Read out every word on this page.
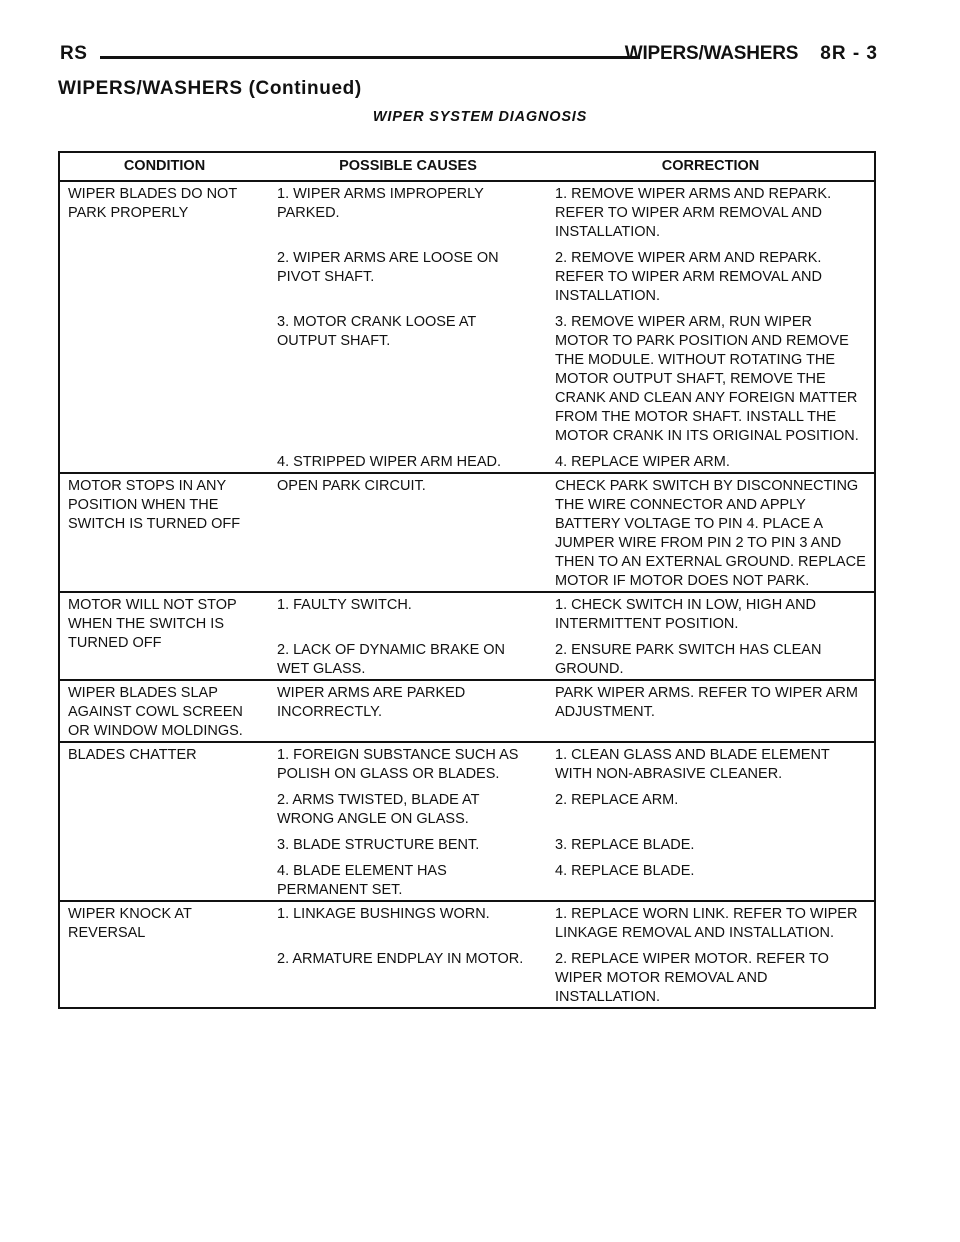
RS	WIPERS/WASHERS 8R - 3
WIPERS/WASHERS (Continued)
WIPER SYSTEM DIAGNOSIS
CONDITION	POSSIBLE CAUSES	CORRECTION
WIPER BLADES DO NOT PARK PROPERLY	1. WIPER ARMS IMPROPERLY PARKED.	1. REMOVE WIPER ARMS AND REPARK. REFER TO WIPER ARM REMOVAL AND INSTALLATION.
	2. WIPER ARMS ARE LOOSE ON PIVOT SHAFT.	2. REMOVE WIPER ARM AND REPARK. REFER TO WIPER ARM REMOVAL AND INSTALLATION.
	3. MOTOR CRANK LOOSE AT OUTPUT SHAFT.	3. REMOVE WIPER ARM, RUN WIPER MOTOR TO PARK POSITION AND REMOVE THE MODULE. WITHOUT ROTATING THE MOTOR OUTPUT SHAFT, REMOVE THE CRANK AND CLEAN ANY FOREIGN MATTER FROM THE MOTOR SHAFT. INSTALL THE MOTOR CRANK IN ITS ORIGINAL POSITION.
	4. STRIPPED WIPER ARM HEAD.	4. REPLACE WIPER ARM.
MOTOR STOPS IN ANY POSITION WHEN THE SWITCH IS TURNED OFF	OPEN PARK CIRCUIT.	CHECK PARK SWITCH BY DISCONNECTING THE WIRE CONNECTOR AND APPLY BATTERY VOLTAGE TO PIN 4. PLACE A JUMPER WIRE FROM PIN 2 TO PIN 3 AND THEN TO AN EXTERNAL GROUND. REPLACE MOTOR IF MOTOR DOES NOT PARK.
MOTOR WILL NOT STOP WHEN THE SWITCH IS TURNED OFF	1. FAULTY SWITCH.	1. CHECK SWITCH IN LOW, HIGH AND INTERMITTENT POSITION.
	2. LACK OF DYNAMIC BRAKE ON WET GLASS.	2. ENSURE PARK SWITCH HAS CLEAN GROUND.
WIPER BLADES SLAP AGAINST COWL SCREEN OR WINDOW MOLDINGS.	WIPER ARMS ARE PARKED INCORRECTLY.	PARK WIPER ARMS. REFER TO WIPER ARM ADJUSTMENT.
BLADES CHATTER	1. FOREIGN SUBSTANCE SUCH AS POLISH ON GLASS OR BLADES.	1. CLEAN GLASS AND BLADE ELEMENT WITH NON-ABRASIVE CLEANER.
	2. ARMS TWISTED, BLADE AT WRONG ANGLE ON GLASS.	2. REPLACE ARM.
	3. BLADE STRUCTURE BENT.	3. REPLACE BLADE.
	4. BLADE ELEMENT HAS PERMANENT SET.	4. REPLACE BLADE.
WIPER KNOCK AT REVERSAL	1. LINKAGE BUSHINGS WORN.	1. REPLACE WORN LINK. REFER TO WIPER LINKAGE REMOVAL AND INSTALLATION.
	2. ARMATURE ENDPLAY IN MOTOR.	2. REPLACE WIPER MOTOR. REFER TO WIPER MOTOR REMOVAL AND INSTALLATION.
